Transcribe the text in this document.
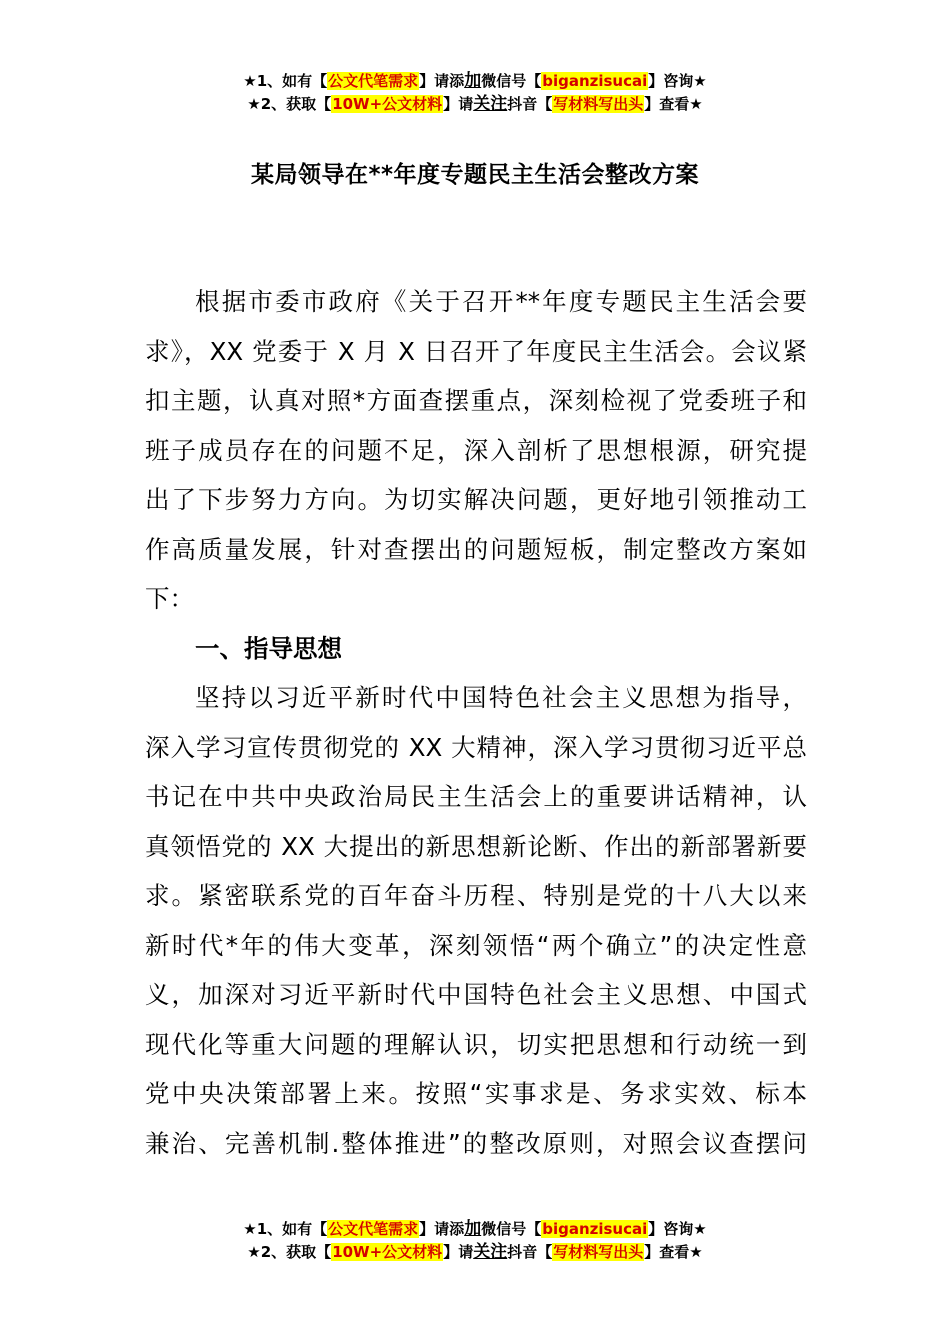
★1、如有【公文代笔需求】请添加微信号【biganzisucai】咨询★
★2、获取【10W+公文材料】请关注抖音【写材料写出头】查看★
某局领导在**年度专题民主生活会整改方案
根据市委市政府《关于召开**年度专题民主生活会要
求》，XX 党委于 X 月 X 日召开了年度民主生活会。会议紧
扣主题，认真对照*方面查摆重点，深刻检视了党委班子和
班子成员存在的问题不足，深入剖析了思想根源，研究提
出了下步努力方向。为切实解决问题，更好地引领推动工
作高质量发展，针对查摆出的问题短板，制定整改方案如
下：
一、指导思想
坚持以习近平新时代中国特色社会主义思想为指导，
深入学习宣传贯彻党的 XX 大精神，深入学习贯彻习近平总
书记在中共中央政治局民主生活会上的重要讲话精神，认
真领悟党的 XX 大提出的新思想新论断、作出的新部署新要
求。紧密联系党的百年奋斗历程、特别是党的十八大以来
新时代*年的伟大变革，深刻领悟“两个确立”的决定性意
义，加深对习近平新时代中国特色社会主义思想、中国式
现代化等重大问题的理解认识，切实把思想和行动统一到
党中央决策部署上来。按照“实事求是、务求实效、标本
兼治、完善机制.整体推进”的整改原则，对照会议查摆问
★1、如有【公文代笔需求】请添加微信号【biganzisucai】咨询★
★2、获取【10W+公文材料】请关注抖音【写材料写出头】查看★
